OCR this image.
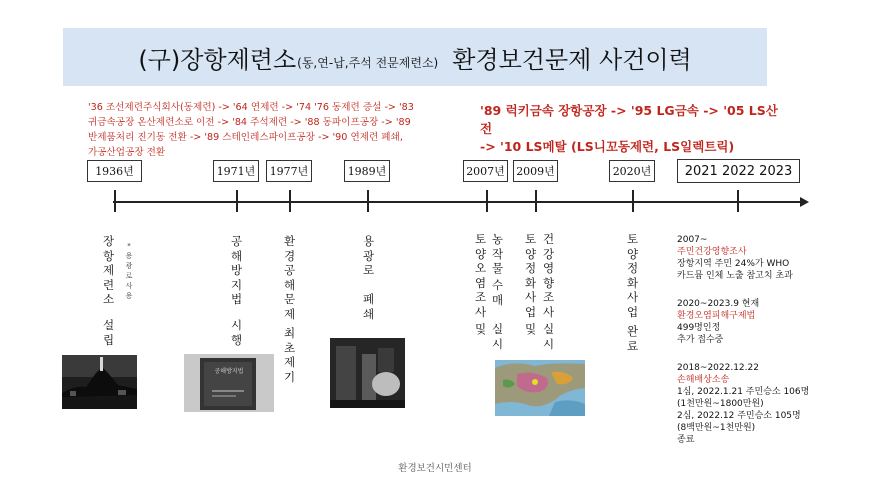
(구)장항제련소 (동,연-납,주석 전문제련소) 환경보건문제 사건이력
'36 조선제련주식회사(동제련) -> '64 연제련 -> '74 '76 동제련 증설 -> '83
귀금속공장 온산제련소로 이전 -> '84 주석제련 -> '88 동파이프공장 -> '89
반제품처리 진기동 전환 -> '89 스테인레스파이프공장 -> '90 연제련 폐쇄,
가공산업공장 전환
'89 럭키금속 장항공장 -> '95 LG금속 -> '05 LS산전
-> '10 LS메탈 (LS니꼬동제련, LS일렉트릭)
1936년	1971년	1977년	1989년	2007년 2009년	2020년	2021 2022 2023
장항제련소
설립
*용광로 사용
공해방지법
시행
환경공해문제
최초제기
용광로
폐쇄
토양오염조사
및
농작물
수매
실시
토양정화사업
및
건강영향조사
실시
토양정화사업
완료
공해방지법
2007~
주민건강영향조사
장항지역 주민 24%가 WHO
카드뮴 인체 노출 참고치 초과
2020~2023.9 현재
환경오염피해구제법
499명인정
추가 접수중
2018~2022.12.22
손해배상소송
1심, 2022.1.21 주민승소 106명
(1천만원~1800만원)
2심, 2022.12 주민승소 105명
(8백만원~1천만원)
종료
환경보건시민센터
